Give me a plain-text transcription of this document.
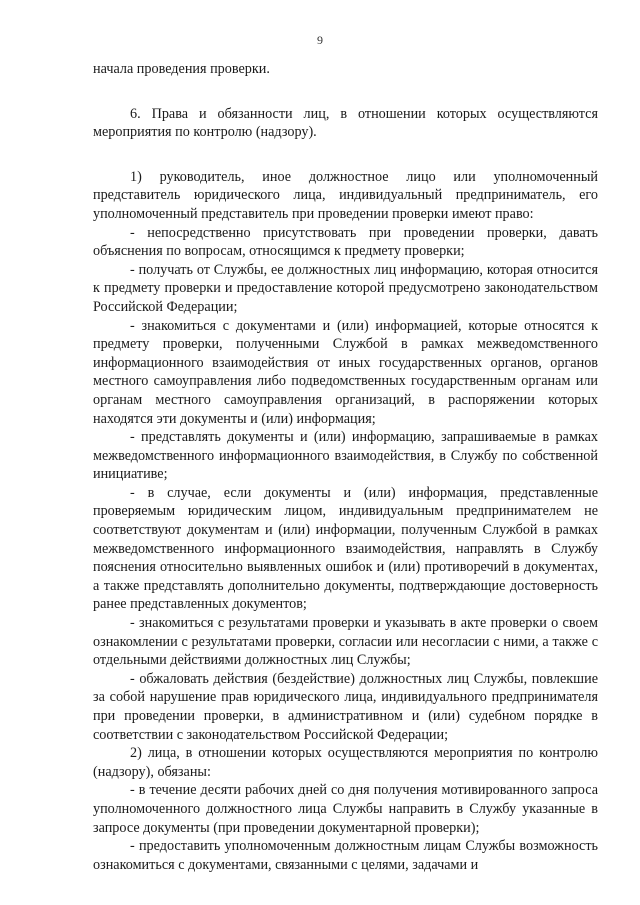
9

начала проведения проверки.

6. Права и обязанности лиц, в отношении которых осуществляются мероприятия по контролю (надзору).

1) руководитель, иное должностное лицо или уполномоченный представитель юридического лица, индивидуальный предприниматель, его уполномоченный представитель при проведении проверки имеют право:

- непосредственно присутствовать при проведении проверки, давать объяснения по вопросам, относящимся к предмету проверки;

- получать от Службы, ее должностных лиц информацию, которая относится к предмету проверки и предоставление которой предусмотрено законодательством Российской Федерации;

- знакомиться с документами и (или) информацией, которые относятся к предмету проверки, полученными Службой в рамках межведомственного информационного взаимодействия от иных государственных органов, органов местного самоуправления либо подведомственных государственным органам или органам местного самоуправления организаций, в распоряжении которых находятся эти документы и (или) информация;

- представлять документы и (или) информацию, запрашиваемые в рамках межведомственного информационного взаимодействия, в Службу по собственной инициативе;

- в случае, если документы и (или) информация, представленные проверяемым юридическим лицом, индивидуальным предпринимателем не соответствуют документам и (или) информации, полученным Службой в рамках межведомственного информационного взаимодействия, направлять в Службу пояснения относительно выявленных ошибок и (или) противоречий в документах, а также представлять дополнительно документы, подтверждающие достоверность ранее представленных документов;

- знакомиться с результатами проверки и указывать в акте проверки о своем ознакомлении с результатами проверки, согласии или несогласии с ними, а также с отдельными действиями должностных лиц Службы;

- обжаловать действия (бездействие) должностных лиц Службы, повлекшие за собой нарушение прав юридического лица, индивидуального предпринимателя при проведении проверки, в административном и (или) судебном порядке в соответствии с законодательством Российской Федерации;

2) лица, в отношении которых осуществляются мероприятия по контролю (надзору), обязаны:

- в течение десяти рабочих дней со дня получения мотивированного запроса уполномоченного должностного лица Службы направить в Службу указанные в запросе документы (при проведении документарной проверки);

- предоставить уполномоченным должностным лицам Службы возможность ознакомиться с документами, связанными с целями, задачами и
